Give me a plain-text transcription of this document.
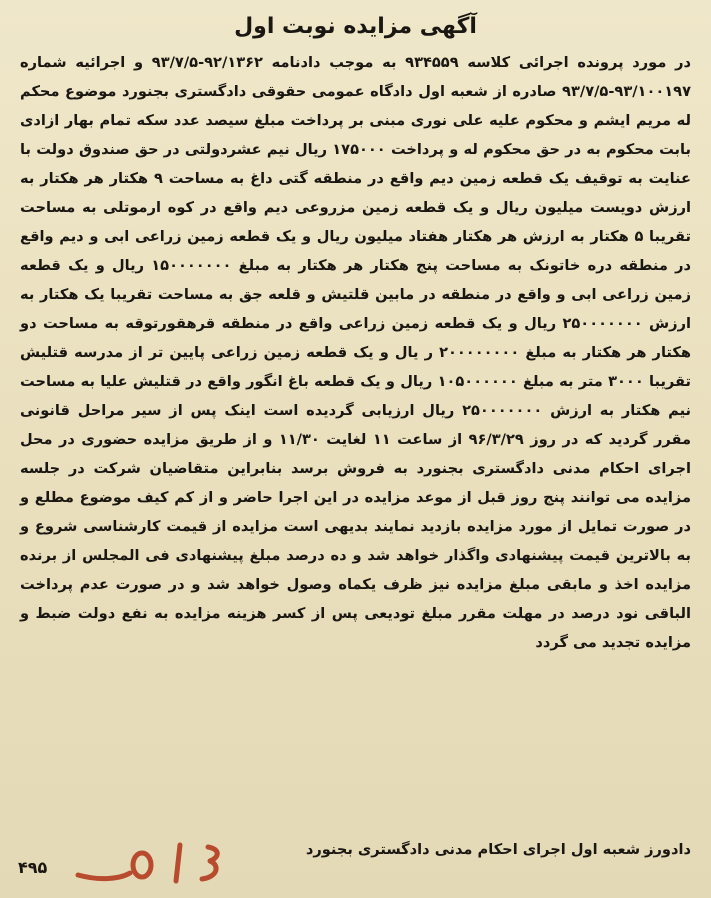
آگهی مزایده نوبت اول

در مورد پرونده اجرائی کلاسه ۹۳۴۵۵۹ به موجب دادنامه ۹۲/۱۳۶۲-۹۳/۷/۵ و اجرائیه شماره ۹۳/۱۰۰۱۹۷-۹۳/۷/۵ صادره از شعبه اول دادگاه عمومی حقوقی دادگستری بجنورد موضوع محکم له مریم ایشم و محکوم علیه علی نوری مبنی بر پرداخت مبلغ سیصد عدد سکه تمام بهار ازادی بابت محکوم به در حق محکوم له و پرداخت ۱۷۵۰۰۰ ریال نیم عشردولتی در حق صندوق دولت با عنایت به توقیف یک قطعه زمین دیم واقع در منطقه گتی داغ به مساحت ۹ هکتار هر هکتار به ارزش دویست میلیون ریال و یک قطعه زمین مزروعی دیم واقع در کوه ارموتلی به مساحت تقریبا ۵ هکتار به ارزش هر هکتار هفتاد میلیون ریال و یک قطعه زمین زراعی ابی و دیم واقع در منطقه دره خاتونک به مساحت پنج هکتار هر هکتار به مبلغ ۱۵۰۰۰۰۰۰۰ ریال و یک قطعه زمین زراعی ابی و واقع در منطقه در مابین قلتیش و قلعه جق به مساحت تقریبا یک هکتار به ارزش ۲۵۰۰۰۰۰۰۰ ریال و یک قطعه زمین زراعی واقع در منطقه قرهقورتوقه به مساحت دو هکتار هر هکتار به مبلغ ۲۰۰۰۰۰۰۰۰ ر یال و یک قطعه زمین زراعی پایین تر از مدرسه قتلیش تقریبا ۳۰۰۰ متر به مبلغ ۱۰۵۰۰۰۰۰۰ ریال و یک قطعه باغ انگور واقع در قتلیش علیا به مساحت نیم هکتار به ارزش ۲۵۰۰۰۰۰۰۰ ریال ارزیابی گردیده است اینک پس از سیر مراحل قانونی مقرر گردید که در روز ۹۶/۳/۲۹ از ساعت ۱۱ لغایت ۱۱/۳۰ و از طریق مزایده حضوری در محل اجرای احکام مدنی دادگستری بجنورد به فروش برسد بنابراین متقاضیان شرکت در جلسه مزایده می توانند پنج روز قبل از موعد مزایده در این اجرا حاضر و از کم کیف موضوع مطلع و در صورت تمایل از مورد مزایده بازدید نمایند بدیهی است مزایده از قیمت کارشناسی شروع و به بالاترین قیمت پیشنهادی واگذار خواهد شد و ده درصد مبلغ پیشنهادی فی المجلس از برنده مزایده اخذ و مابقی مبلغ مزایده نیز ظرف یکماه وصول خواهد شد و در صورت عدم پرداخت الباقی نود درصد در مهلت مقرر مبلغ تودیعی پس از کسر هزینه مزایده به نفع دولت ضبط و مزایده تجدید می گردد

دادورز شعبه اول اجرای احکام مدنی دادگستری بجنورد
۴۹۵
